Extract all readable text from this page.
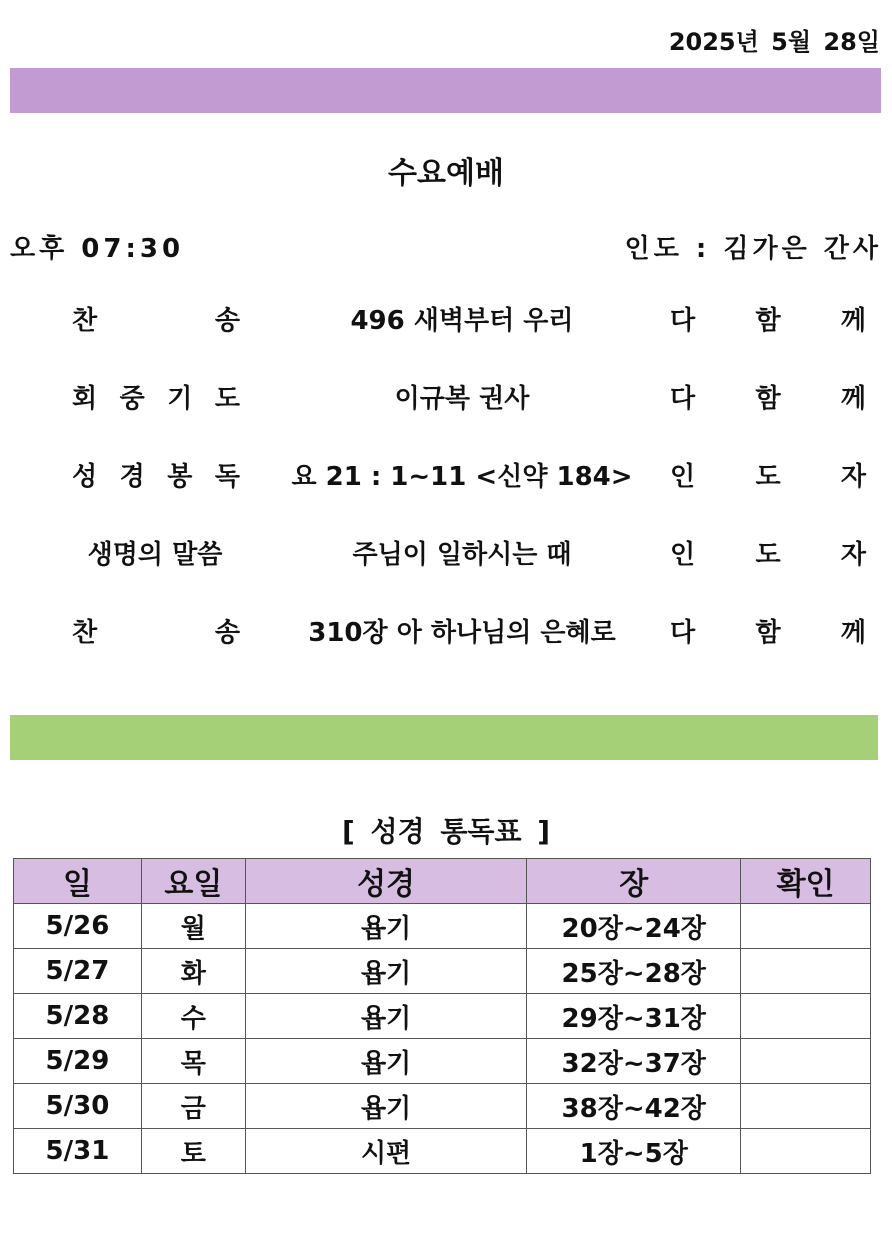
2025년 5월 28일
수요예배
오후 07:30	인도 : 김가은 간사
찬	송	496 새벽부터 우리	다 함 께
회 중 기 도	이규복 권사	다 함 께
성 경 봉 독	요 21 : 1~11 <신약 184>	인 도 자
생명의 말씀	주님이 일하시는 때	인 도 자
찬	송	310장 아 하나님의 은혜로	다 함 께
[ 성경 통독표 ]
일	요일	성경	장	확인
5/26	월	욥기	20장~24장	
5/27	화	욥기	25장~28장	
5/28	수	욥기	29장~31장	
5/29	목	욥기	32장~37장	
5/30	금	욥기	38장~42장	
5/31	토	시편	1장~5장	
